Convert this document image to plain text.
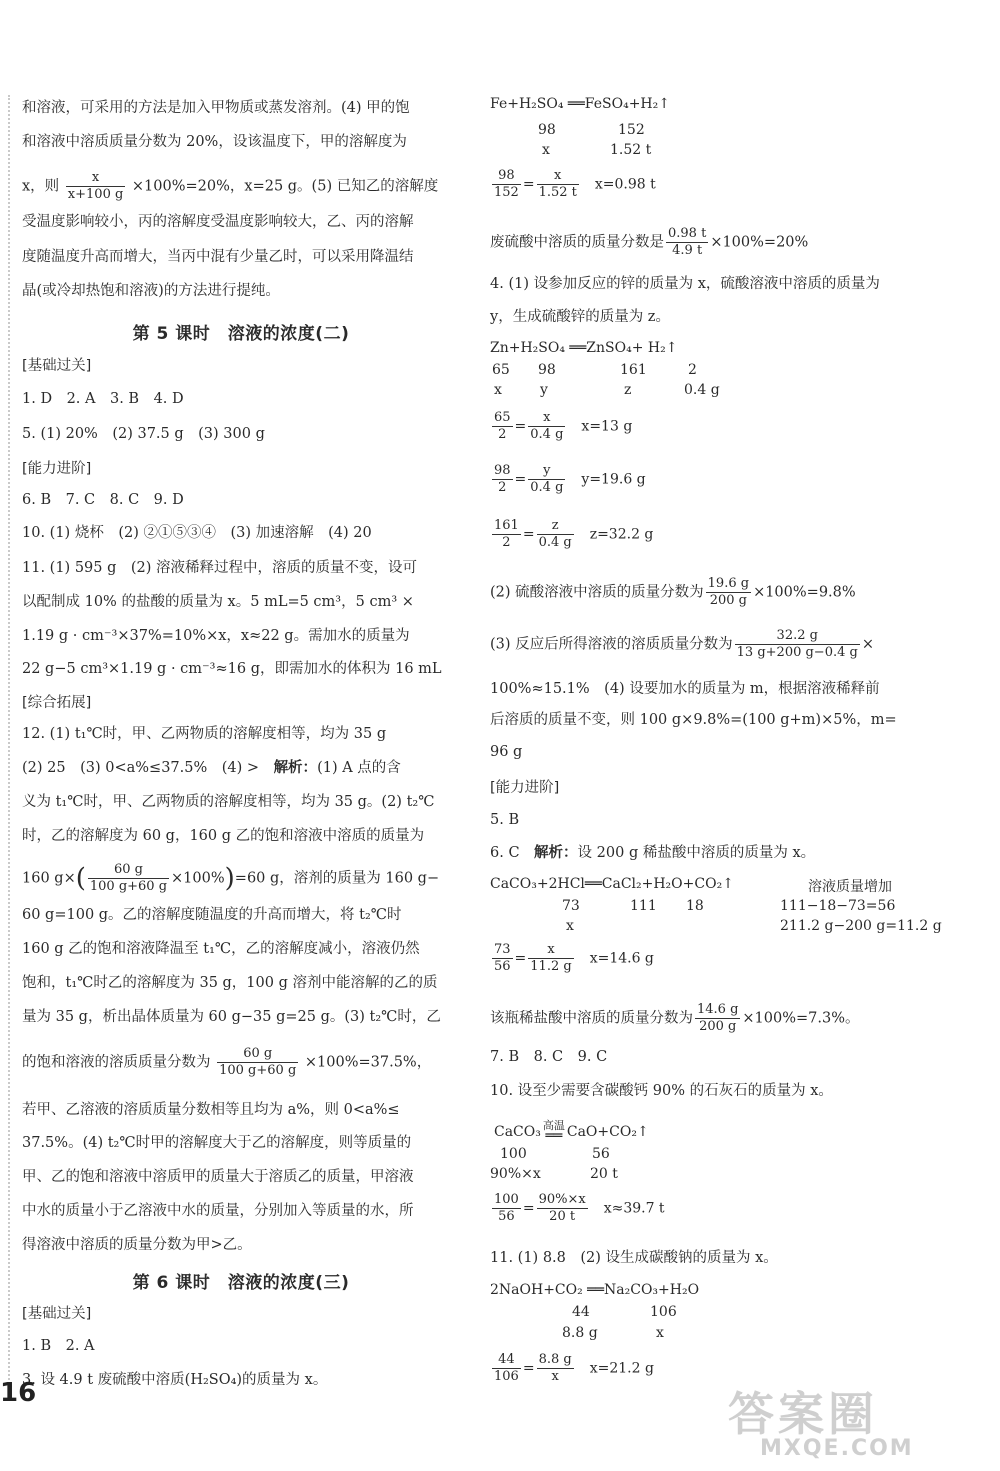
和溶液，可采用的方法是加入甲物质或蒸发溶剂。(4) 甲的饱
和溶液中溶质质量分数为 20%，设该温度下，甲的溶解度为
x，则 $\frac{x}{x+100 g} \times 100\%=20\%$，x=25 g。(5) 已知乙的溶解度
受温度影响较小，丙的溶解度受温度影响较大，乙、丙的溶解
度随温度升高而增大，当丙中混有少量乙时，可以采用降温结
晶(或冷却热饱和溶液)的方法进行提纯。
第 5 课时　溶液的浓度(二)
[ 基础过关 ]
1. D　2. A　3. B　4. D
5. (1) 20%　(2) 37.5 g　(3) 300 g
[ 能力进阶 ]
6. B　7. C　8. C　9. D
10. (1) 烧杯　(2) ②①⑤③④　(3) 加速溶解　(4) 20
11. (1) 595 g　(2) 溶液稀释过程中，溶质的质量不变，设可
以配制成 10% 的盐酸的质量为 x。5 mL=5 cm³，5 cm³ ×
1.19 g · cm⁻³×37%=10%×x，x≈22 g。需加水的质量为
22 g−5 cm³×1.19 g · cm⁻³≈16 g，即需加水的体积为 16 mL
[ 综合拓展 ]
12. (1) t₁℃时，甲、乙两物质的溶解度相等，均为 35 g
(2) 25　(3) 0<a%≤37.5%　(4) >　解析：(1) A 点的含
义为 t₁℃时，甲、乙两物质的溶解度相等，均为 35 g。(2) t₂℃
时，乙的溶解度为 60 g，160 g 乙的饱和溶液中溶质的质量为
160 $g\times( \frac{60 g}{100 g+60 g} \times 100\%)=60$ g，溶剂的质量为 160 g−
60 g=100 g。乙的溶解度随温度的升高而增大，将 t₂℃时
160 g 乙的饱和溶液降温至 t₁℃，乙的溶解度减小，溶液仍然
饱和，t₁℃时乙的溶解度为 35 g，100 g 溶剂中能溶解的乙的质
量为 35 g，析出晶体质量为 60 g−35 g=25 g。(3) t₂℃时，乙
的饱和溶液的溶质质量分数为 $\frac{60 g}{100 g+60 g} \times 100\%=37.5\%$，
若甲、乙溶液的溶质质量分数相等且均为 a%，则 0<a%≤
37.5%。(4) t₂℃时甲的溶解度大于乙的溶解度，则等质量的
甲、乙的饱和溶液中溶质甲的质量大于溶质乙的质量，甲溶液
中水的质量小于乙溶液中水的质量，分别加入等质量的水，所
得溶液中溶质的质量分数为甲>乙。
第 6 课时　溶液的浓度(三)
[ 基础过关 ]
1. B　2. A
3. 设 4.9 t 废硫酸中溶质(H₂SO₄)的质量为 x。
Fe+H₂SO₄ ══FeSO₄+H₂↑
98	152
x	1.52 t
$\frac{98}{152} = \frac{x}{1.52 t}$
　 x=0.98 t
废硫酸中溶质的质量分数是 $\frac{0.98 t}{4.9 t} \times 100\%=20\%$
4. (1) 设参加反应的锌的质量为 x，硫酸溶液中溶质的质量为
y，生成硫酸锌的质量为 z。
Zn+H₂SO₄ ══ZnSO₄+ H₂↑
65 98	161	2
x	y	z	0.4 g
$\frac{65}{2} = \frac{x}{0.4 g}$
　 x=13 g
$\frac{98}{2} = \frac{y}{0.4 g}$
　 y=19.6 g
$\frac{161}{2} = \frac{z}{0.4 g}$
　 z=32.2 g
(2) 硫酸溶液中溶质的质量分数为 $\frac{19.6 g}{200 g} \times 100\%=9.8\%$
(3) 反应后所得溶液的溶质质量分数为 $\frac{32.2 g}{13 g+200 g-0.4 g}$ ×
100%≈15.1%　(4) 设要加水的质量为 m，根据溶液稀释前
后溶质的质量不变，则 100 g×9.8%=(100 g+m)×5%，m=
96 g
[ 能力进阶 ]
5. B
6. C　解析：设 200 g 稀盐酸中溶质的质量为 x。
CaCO₃+2HCl══CaCl₂+H₂O+CO₂↑	溶液质量增加
73	111 18	111−18−73=56
x	211.2 g−200 g=11.2 g
$\frac{73}{56} = \frac{x}{11.2 g}$
　 x=14.6 g
该瓶稀盐酸中溶质的质量分数为 $\frac{14.6 g}{200 g} \times 100\%=7.3\%$。
7. B　8. C　9. C
10. 设至少需要含碳酸钙 90% 的石灰石的质量为 x。
CaCO₃ 高温
══ CaO+CO₂↑
100	56
90%×x	20 t
$\frac{100}{56} = \frac{90\%\times x}{20 t}$
　 x≈39.7 t
11. (1) 8.8　(2) 设生成碳酸钠的质量为 x。
2NaOH+CO₂ ══Na₂CO₃+H₂O
44	106
8.8 g	x
$\frac{44}{106} = \frac{8.8 g}{x}$
　 x=21.2 g
16	答案圈
MXQE.COM
